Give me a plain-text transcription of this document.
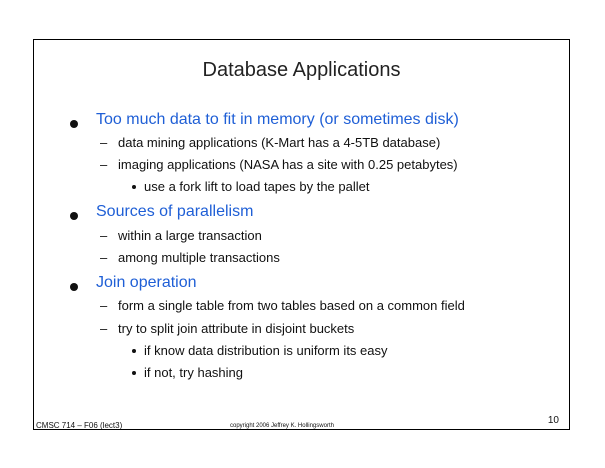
Database Applications
Too much data to fit in memory (or sometimes disk)
– data mining applications (K-Mart has a 4-5TB database)
– imaging applications (NASA has a site with 0.25 petabytes)
use a fork lift to load tapes by the pallet
Sources of parallelism
– within a large transaction
– among multiple transactions
Join operation
– form a single table from two tables based on a common field
– try to split join attribute in disjoint buckets
if know data distribution is uniform its easy
if not, try hashing
CMSC 714 – F06 (lect3)	copyright 2006 Jeffrey K. Hollingsworth	10
